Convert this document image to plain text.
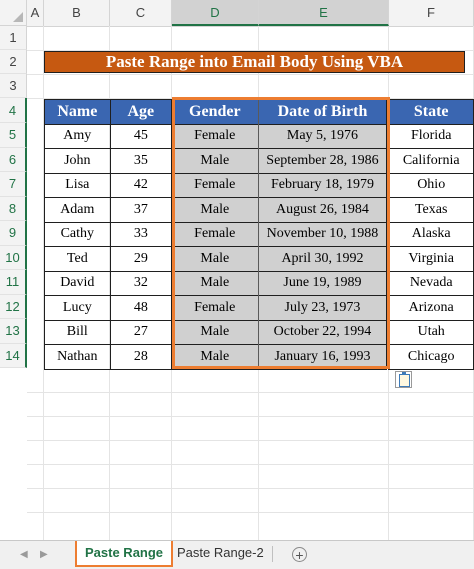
A	B	C	D	E	F
1
2
3
4
5
6
7
8
9
10
11
12
13
14
Paste Range into Email Body Using VBA
Name	Age	Gender	Date of Birth		State
Amy	45	Female	May 5, 1976		Florida
John	35	Male	September 28, 1986		California
Lisa	42	Female	February 18, 1979		Ohio
Adam	37	Male	August 26, 1984		Texas
Cathy	33	Female	November 10, 1988		Alaska
Ted	29	Male	April 30, 1992		Virginia
David	32	Male	June 19, 1989		Nevada
Lucy	48	Female	July 23, 1973		Arizona
Bill	27	Male	October 22, 1994		Utah
Nathan	28	Male	January 16, 1993		Chicago
◀ ▶	Paste Range	Paste Range-2	+
